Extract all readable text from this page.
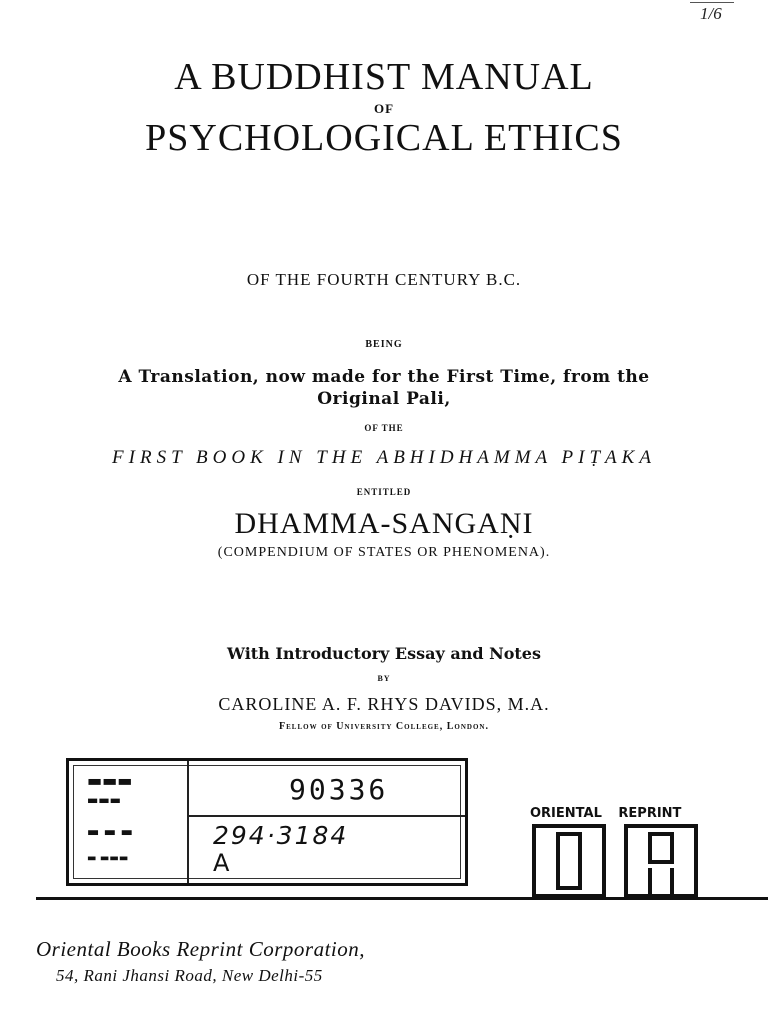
1/6
A BUDDHIST MANUAL
OF
PSYCHOLOGICAL ETHICS
OF THE FOURTH CENTURY B.C.
BEING
A Translation, now made for the First Time, from the
Original Pali,
OF THE
FIRST BOOK IN THE ABHIDHAMMA PIṬAKA
ENTITLED
DHAMMA-SANGAṆI
(COMPENDIUM OF STATES OR PHENOMENA).
With Introductory Essay and Notes
BY
CAROLINE A. F. RHYS DAVIDS, M.A.
Fellow of University College, London.
▬▬▬
▬▬▬
▬ ▬ ▬
▬ ▬▬▬
90336
294·3184
A
ORIENTAL REPRINT
Oriental Books Reprint Corporation,
54, Rani Jhansi Road, New Delhi-55
